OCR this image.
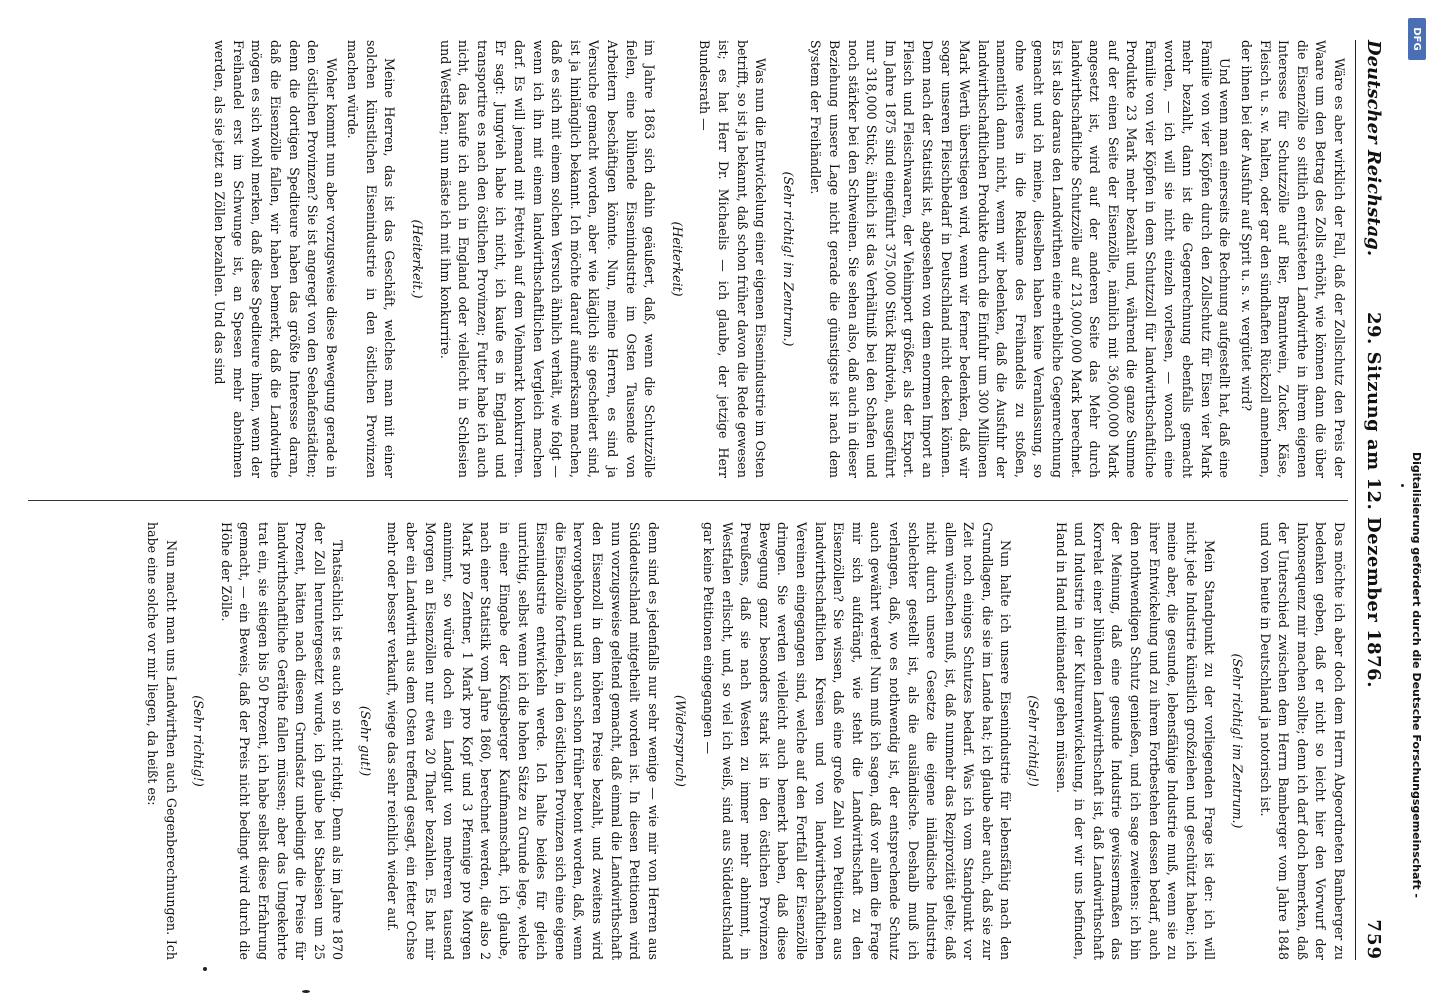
759
29. Sitzung am 12. Dezember 1876.
Deutscher Reichstag.

Wäre es aber wirklich der Fall, daß der Zollschutz den Preis der Waare um den Betrag des Zolls erhöht, wie können dann die über die Eisenzölle so sittlich entrüsteten Landwirthe in ihrem eigenen Interesse für Schutzzölle auf Bier, Branntwein, Zucker, Käse, Fleisch u. s. w. halten, oder gar den sündhaften Rückzoll annehmen, der ihnen bei der Ausfuhr auf Sprit u. s. w. vergütet wird?

Und wenn man einerseits die Rechnung aufgestellt hat, daß eine Familie von vier Köpfen durch den Zollschutz für Eisen vier Mark mehr bezahlt, dann ist die Gegenrechnung ebenfalls gemacht worden, — ich will sie nicht einzeln vorlesen, — wonach eine Familie von vier Köpfen in dem Schutzzoll für landwirthschaftliche Produkte 23 Mark mehr bezahlt und, während die ganze Summe auf der einen Seite der Eisenzölle, nämlich mit 36,000,000 Mark angesetzt ist, wird auf der anderen Seite das Mehr durch landwirthschaftliche Schutzzölle auf 213,000,000 Mark berechnet. Es ist also daraus den Landwirthen eine erhebliche Gegenrechnung gemacht und ich meine, dieselben haben keine Veranlassung, so ohne weiteres in die Reklame des Freihandels zu stoßen, namentlich dann nicht, wenn wir bedenken, daß die Ausfuhr der landwirthschaftlichen Produkte durch die Einfuhr um 300 Millionen Mark Werth überstiegen wird, wenn wir ferner bedenken, daß wir sogar unseren Fleischbedarf in Deutschland nicht decken können. Denn nach der Statistik ist, abgesehen von dem enormen Import an Fleisch und Fleischwaaren, der Viehimport größer, als der Export. Im Jahre 1875 sind eingeführt 375,000 Stück Rindvieh, ausgeführt nur 318,000 Stück; ähnlich ist das Verhältniß bei den Schafen und noch stärker bei den Schweinen. Sie sehen also, daß auch in dieser Beziehung unsere Lage nicht gerade die günstigste ist nach dem System der Freihändler.

(Sehr richtig! im Zentrum.)

Was nun die Entwickelung einer eigenen Eisenindustrie im Osten betrifft, so ist ja bekannt, daß schon früher davon die Rede gewesen ist; es hat Herr Dr. Michaelis — ich glaube, der jetzige Herr Bundesrath —

(Heiterkeit)

im Jahre 1863 sich dahin geäußert, daß, wenn die Schutzzölle fielen, eine blühende Eisenindustrie im Osten Tausende von Arbeitern beschäftigen könnte. Nun, meine Herren, es sind ja Versuche gemacht worden, aber wie kläglich sie gescheitert sind, ist ja hinlänglich bekannt. Ich möchte darauf aufmerksam machen, daß es sich mit einem solchen Versuch ähnlich verhält, wie folgt — wenn ich ihn mit einem landwirthschaftlichen Vergleich machen darf. Es will jemand mit Fettvieh auf dem Viehmarkt konkurriren. Er sagt: Jungvieh habe ich nicht, ich kaufe es in England und transportire es nach den östlichen Provinzen; Futter habe ich auch nicht, das kaufe ich auch in England oder vielleicht in Schlesien und Westfalen; nun mäste ich mit ihm konkurrire.

(Heiterkeit.)

Meine Herren, das ist das Geschäft, welches man mit einer solchen künstlichen Eisenindustrie in den östlichen Provinzen machen würde.

Woher kommt nun aber vorzugsweise diese Bewegung gerade in den östlichen Provinzen? Sie ist angeregt von den Seehafenstädten; denn die dortigen Spediteure haben das größte Interesse daran, daß die Eisenzölle fallen, wir haben bemerkt, daß die Landwirthe mögen es sich wohl merken, daß diese Spediteure ihnen, wenn der Freihandel erst im Schwunge ist, an Spesen mehr abnehmen werden, als sie jetzt an Zöllen bezahlen. Und das sind

Das möchte ich aber doch dem Herrn Abgeordneten Bamberger zu bedenken geben, daß er nicht so leicht hier den Vorwurf der Inkonsequenz mir machen sollte; denn ich darf doch bemerken, daß der Unterschied zwischen dem Herrn Bamberger vom Jahre 1848 und von heute in Deutschland ja notorisch ist.

(Sehr richtig! im Zentrum.)

Mein Standpunkt zu der vorliegenden Frage ist der: ich will nicht jede Industrie künstlich großziehen und geschützt haben; ich meine aber, die gesunde, lebensfähige Industrie muß, wenn sie zu ihrer Entwickelung und zu ihrem Fortbestehen dessen bedarf, auch den nothwendigen Schutz genießen, und ich sage zweitens: ich bin der Meinung, daß eine gesunde Industrie gewissermaßen das Korrelat einer blühenden Landwirthschaft ist, daß Landwirthschaft und Industrie in der Kulturentwickelung, in der wir uns befinden, Hand in Hand miteinander gehen müssen.

(Sehr richtig!)

Nun halte ich unsere Eisenindustrie für lebensfähig nach den Grundlagen, die sie im Lande hat; ich glaube aber auch, daß sie zur Zeit noch einiges Schutzes bedarf. Was ich vom Standpunkt vor allem wünschen muß, ist, daß nunmehr das Reziprozität gelte; daß nicht durch unsere Gesetze die eigene inländische Industrie schlechter gestellt ist, als die ausländische. Deshalb muß ich verlangen, daß, wo es nothwendig ist, der entsprechende Schutz auch gewährt werde! Nun muß ich sagen, daß vor allem die Frage mir sich aufdrängt, wie steht die Landwirthschaft zu den Eisenzöllen? Sie wissen, daß eine große Zahl von Petitionen aus landwirthschaftlichen Kreisen und von landwirthschaftlichen Vereinen eingegangen sind, welche auf den Fortfall der Eisenzölle dringen. Sie werden vielleicht auch bemerkt haben, daß diese Bewegung ganz besonders stark ist in den östlichen Provinzen Preußens, daß sie nach Westen zu immer mehr abnimmt, in Westfalen erlischt, und, so viel ich weiß, sind aus Süddeutschland gar keine Petitionen eingegangen —

(Widerspruch)

denn sind es jedenfalls nur sehr wenige — wie mir von Herren aus Süddeutschland mitgetheilt worden ist. In diesen Petitionen wird nun vorzugsweise geltend gemacht, daß einmal die Landwirthschaft den Eisenzoll in dem höheren Preise bezahlt, und zweitens wird hervorgehoben und ist auch schon früher betont worden, daß, wenn die Eisenzölle fortfielen, in den östlichen Provinzen sich eine eigene Eisenindustrie entwickeln werde. Ich halte beides für gleich unrichtig, selbst wenn ich die hohen Sätze zu Grunde lege, welche in einer Eingabe der Königsberger Kaufmannschaft, ich glaube, nach einer Statistik vom Jahre 1860, berechnet werden, die also 2 Mark pro Zentner, 1 Mark pro Kopf und 3 Pfennige pro Morgen annimmt, so würde doch ein Landgut von mehreren tausend Morgen an Eisenzöllen nur etwa 20 Thaler bezahlen. Es hat mir aber ein Landwirth aus dem Osten treffend gesagt, ein fetter Ochse mehr oder besser verkauft, wiege das sehr reichlich wieder auf.

(Sehr gut!)

Thatsächlich ist es auch so nicht richtig. Denn als im Jahre 1870 der Zoll heruntergesetzt wurde, ich glaube bei Stabeisen um 25 Prozent, hätten nach diesem Grundsatz unbedingt die Preise für landwirthschaftliche Geräthe fallen müssen; aber das Umgekehrte trat ein, sie stiegen bis 50 Prozent, ich habe selbst diese Erfahrung gemacht, — ein Beweis, daß der Preis nicht bedingt wird durch die Höhe der Zölle.

(Sehr richtig!)

Nun macht man uns Landwirthen auch Gegenberechnungen. Ich habe eine solche vor mir liegen, da heißt es:	Digitalisierung gefördert durch die Deutsche Forschungsgemeinschaft -
DFG
